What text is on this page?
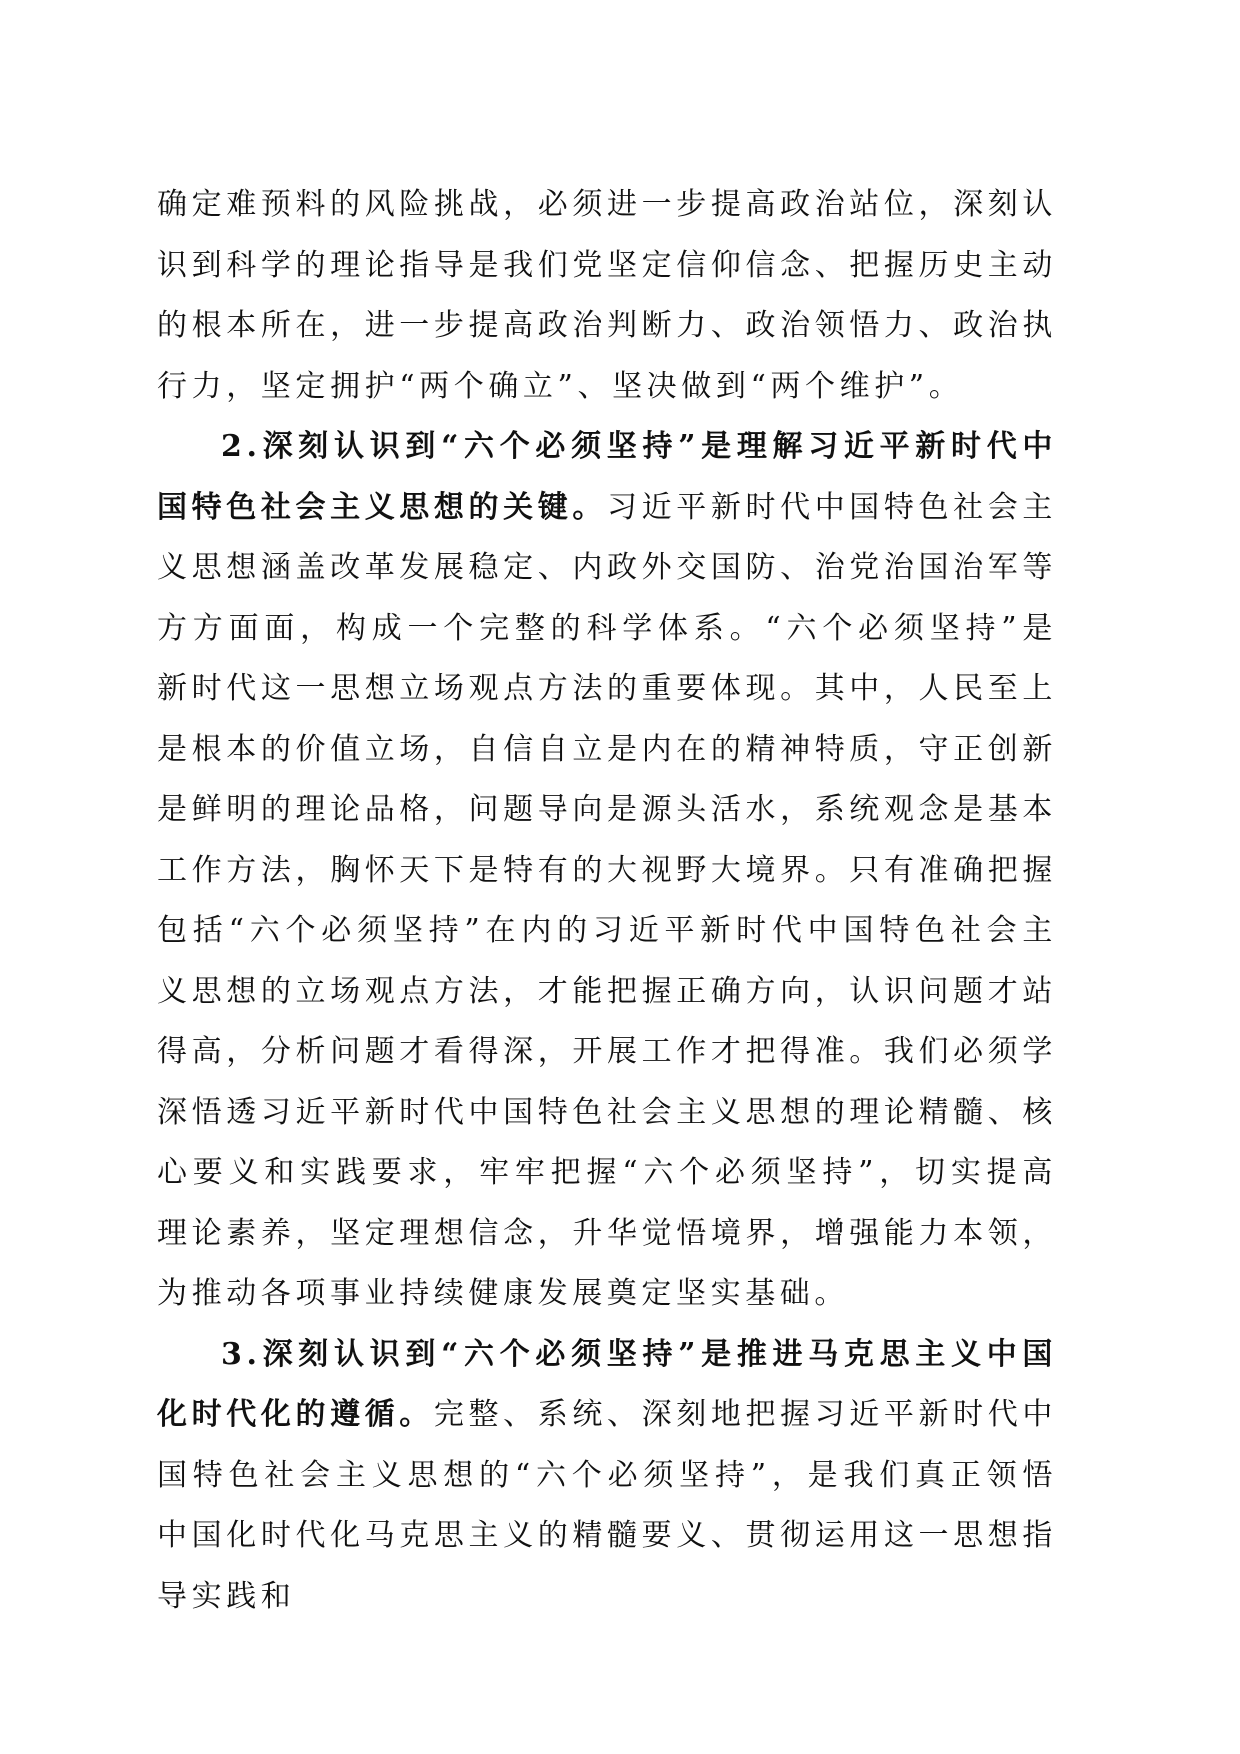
确定难预料的风险挑战，必须进一步提高政治站位，深刻认识到科学的理论指导是我们党坚定信仰信念、把握历史主动的根本所在，进一步提高政治判断力、政治领悟力、政治执行力，坚定拥护“两个确立”、坚决做到“两个维护”。

2.深刻认识到“六个必须坚持”是理解习近平新时代中国特色社会主义思想的关键。习近平新时代中国特色社会主义思想涵盖改革发展稳定、内政外交国防、治党治国治军等方方面面，构成一个完整的科学体系。“六个必须坚持”是新时代这一思想立场观点方法的重要体现。其中，人民至上是根本的价值立场，自信自立是内在的精神特质，守正创新是鲜明的理论品格，问题导向是源头活水，系统观念是基本工作方法，胸怀天下是特有的大视野大境界。只有准确把握包括“六个必须坚持”在内的习近平新时代中国特色社会主义思想的立场观点方法，才能把握正确方向，认识问题才站得高，分析问题才看得深，开展工作才把得准。我们必须学深悟透习近平新时代中国特色社会主义思想的理论精髓、核心要义和实践要求，牢牢把握“六个必须坚持”，切实提高理论素养，坚定理想信念，升华觉悟境界，增强能力本领，为推动各项事业持续健康发展奠定坚实基础。

3.深刻认识到“六个必须坚持”是推进马克思主义中国化时代化的遵循。完整、系统、深刻地把握习近平新时代中国特色社会主义思想的“六个必须坚持”，是我们真正领悟中国化时代化马克思主义的精髓要义、贯彻运用这一思想指导实践和
